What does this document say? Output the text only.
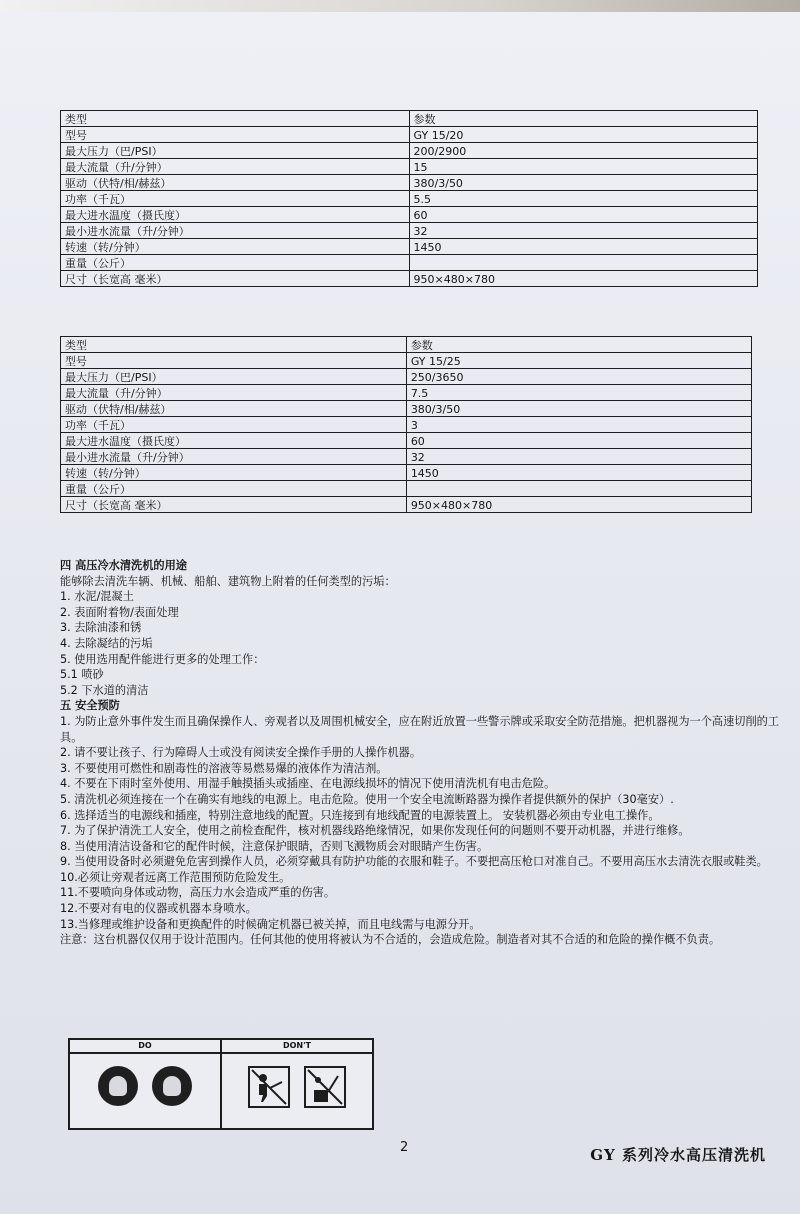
类型	参数
型号	GY 15/20
最大压力（巴/PSI）	200/2900
最大流量（升/分钟）	15
驱动（伏特/相/赫兹）	380/3/50
功率（千瓦）	5.5
最大进水温度（摄氏度）	60
最小进水流量（升/分钟）	32
转速（转/分钟）	1450
重量（公斤）	
尺寸（长宽高 毫米）	950×480×780
类型	参数
型号	GY 15/25
最大压力（巴/PSI）	250/3650
最大流量（升/分钟）	7.5
驱动（伏特/相/赫兹）	380/3/50
功率（千瓦）	3
最大进水温度（摄氏度）	60
最小进水流量（升/分钟）	32
转速（转/分钟）	1450
重量（公斤）	
尺寸（长宽高 毫米）	950×480×780

四 高压冷水清洗机的用途

能够除去清洗车辆、机械、船舶、建筑物上附着的任何类型的污垢：

1. 水泥/混凝土

2. 表面附着物/表面处理

3. 去除油漆和锈

4. 去除凝结的污垢

5. 使用选用配件能进行更多的处理工作：

5.1 喷砂

5.2 下水道的清洁

五 安全预防

1. 为防止意外事件发生而且确保操作人、旁观者以及周围机械安全，应在附近放置一些警示牌或采取安全防范措施。把机器视为一个高速切削的工具。

2. 请不要让孩子、行为障碍人士或没有阅读安全操作手册的人操作机器。

3. 不要使用可燃性和剧毒性的溶液等易燃易爆的液体作为清洁剂。

4. 不要在下雨时室外使用、用湿手触摸插头或插座、在电源线损坏的情况下使用清洗机有电击危险。

5. 清洗机必须连接在一个在确实有地线的电源上。电击危险。使用一个安全电流断路器为操作者提供额外的保护（30毫安）.

6. 选择适当的电源线和插座，特别注意地线的配置。只连接到有地线配置的电源装置上。 安装机器必须由专业电工操作。

7. 为了保护清洗工人安全，使用之前检查配件，核对机器线路绝缘情况，如果你发现任何的问题则不要开动机器，并进行维修。

8. 当使用清洁设备和它的配件时候，注意保护眼睛，否则飞溅物质会对眼睛产生伤害。

9. 当使用设备时必须避免危害到操作人员，必须穿戴具有防护功能的衣服和鞋子。不要把高压枪口对准自己。不要用高压水去清洗衣服或鞋类。

10.必须让旁观者远离工作范围预防危险发生。

11.不要喷向身体或动物，高压力水会造成严重的伤害。

12.不要对有电的仪器或机器本身喷水。

13.当修理或维护设备和更换配件的时候确定机器已被关掉，而且电线需与电源分开。

注意：这台机器仅仅用于设计范围内。任何其他的使用将被认为不合适的，会造成危险。制造者对其不合适的和危险的操作概不负责。

DO	DON'T
2	GY 系列冷水高压清洗机
